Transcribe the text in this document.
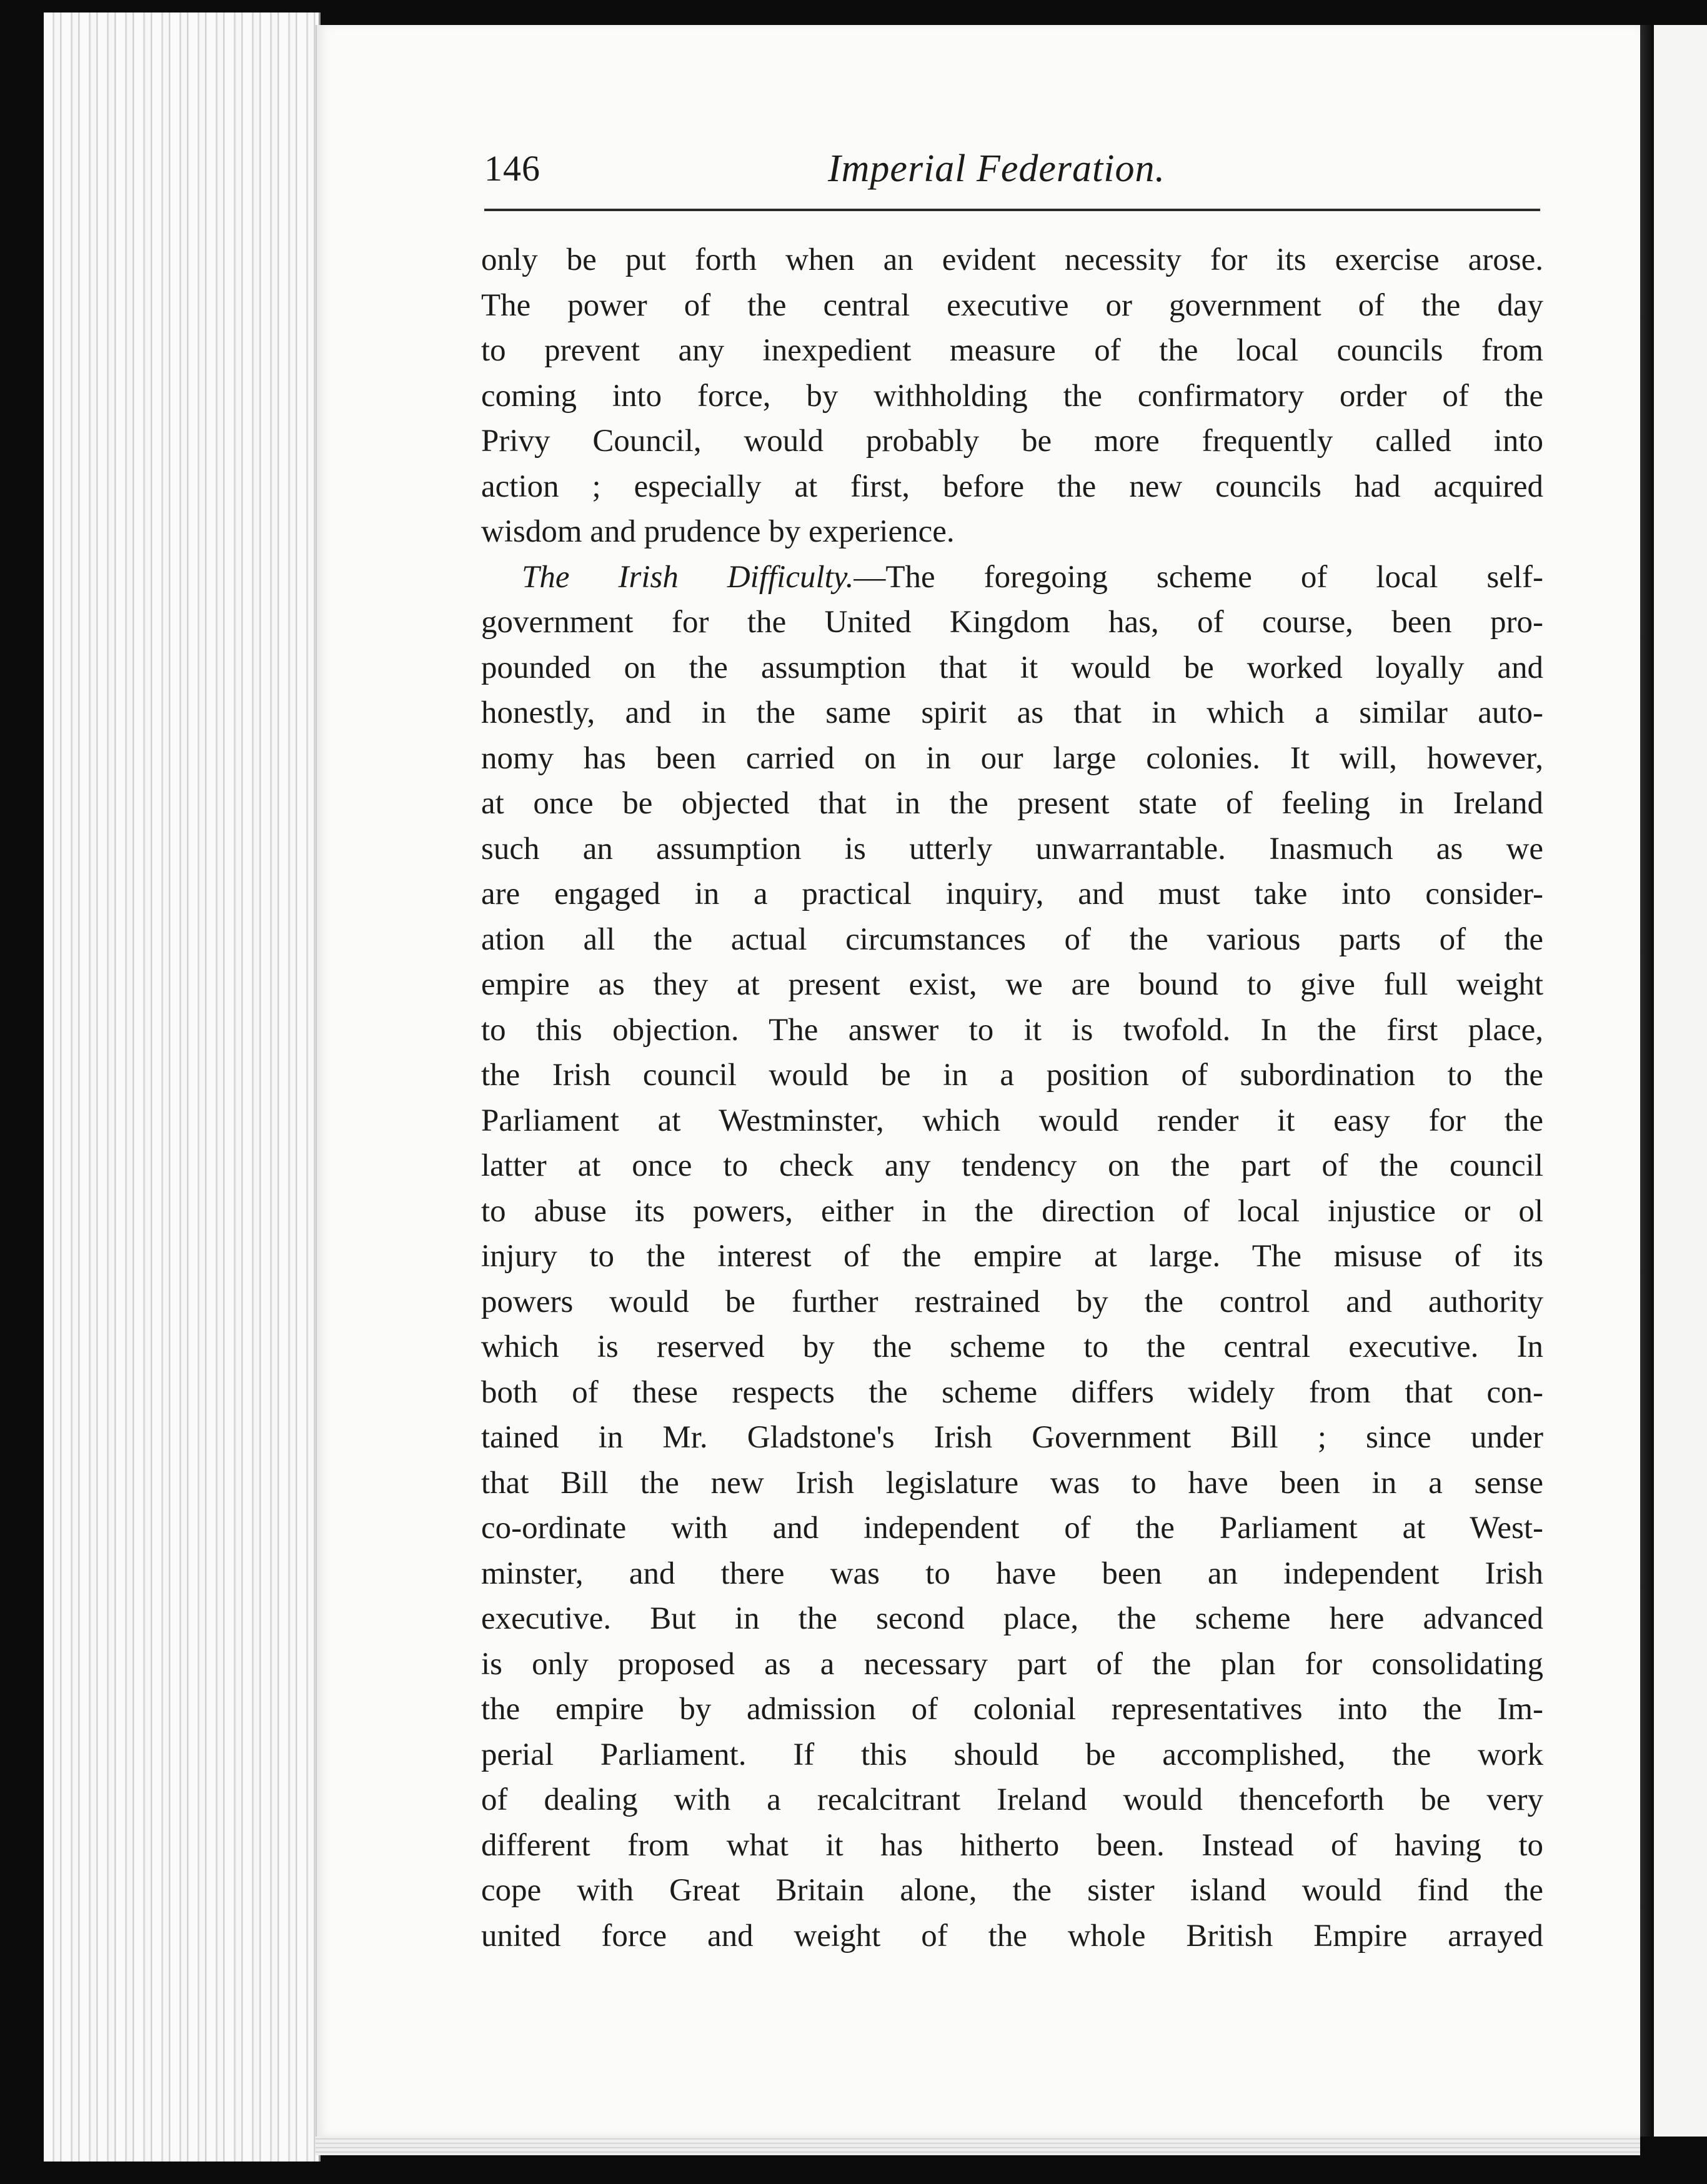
146	Imperial Federation.
only be put forth when an evident necessity for its exercise arose.
The power of the central executive or government of the day
to prevent any inexpedient measure of the local councils from
coming into force, by withholding the confirmatory order of the
Privy Council, would probably be more frequently called into
action ; especially at first, before the new councils had acquired
wisdom and prudence by experience.
The Irish Difficulty.—The foregoing scheme of local self-
government for the United Kingdom has, of course, been pro-
pounded on the assumption that it would be worked loyally and
honestly, and in the same spirit as that in which a similar auto-
nomy has been carried on in our large colonies. It will, however,
at once be objected that in the present state of feeling in Ireland
such an assumption is utterly unwarrantable. Inasmuch as we
are engaged in a practical inquiry, and must take into consider-
ation all the actual circumstances of the various parts of the
empire as they at present exist, we are bound to give full weight
to this objection. The answer to it is twofold. In the first place,
the Irish council would be in a position of subordination to the
Parliament at Westminster, which would render it easy for the
latter at once to check any tendency on the part of the council
to abuse its powers, either in the direction of local injustice or ol
injury to the interest of the empire at large. The misuse of its
powers would be further restrained by the control and authority
which is reserved by the scheme to the central executive. In
both of these respects the scheme differs widely from that con-
tained in Mr. Gladstone's Irish Government Bill ; since under
that Bill the new Irish legislature was to have been in a sense
co-ordinate with and independent of the Parliament at West-
minster, and there was to have been an independent Irish
executive. But in the second place, the scheme here advanced
is only proposed as a necessary part of the plan for consolidating
the empire by admission of colonial representatives into the Im-
perial Parliament. If this should be accomplished, the work
of dealing with a recalcitrant Ireland would thenceforth be very
different from what it has hitherto been. Instead of having to
cope with Great Britain alone, the sister island would find the
united force and weight of the whole British Empire arrayed
